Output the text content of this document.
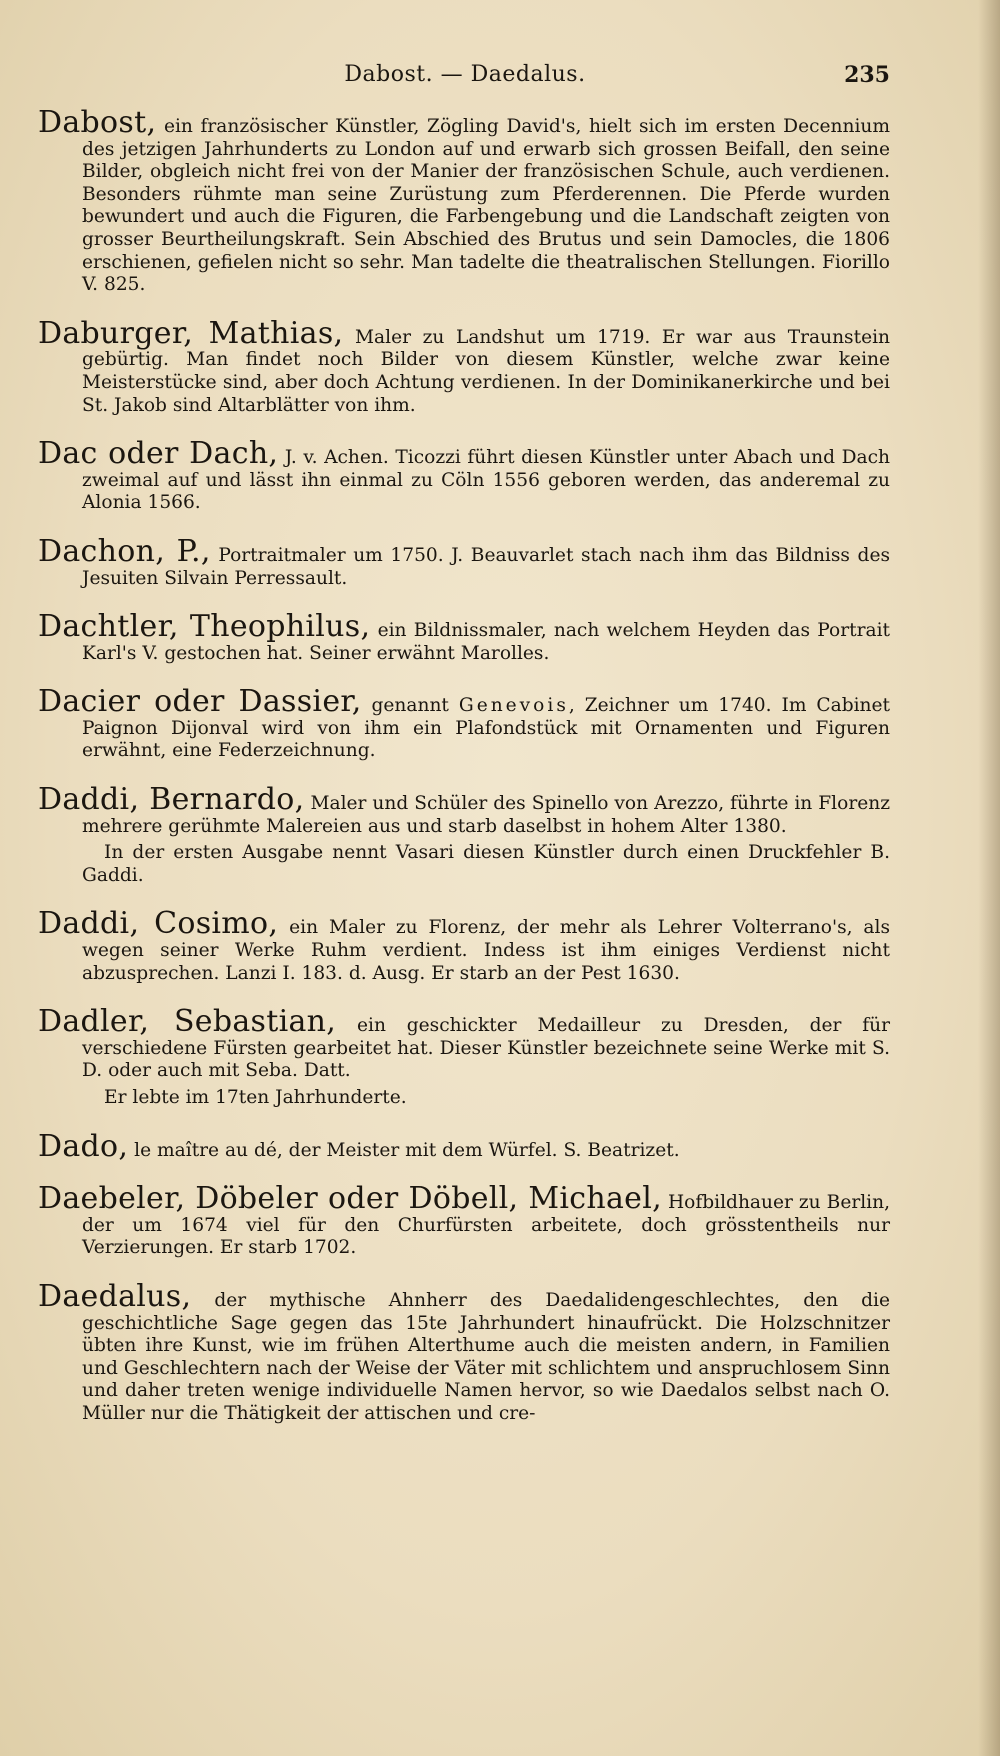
Dabost. — Daedalus.	235

Dabost, ein französischer Künstler, Zögling David's, hielt sich im ersten Decennium des jetzigen Jahrhunderts zu London auf und erwarb sich grossen Beifall, den seine Bilder, obgleich nicht frei von der Manier der französischen Schule, auch verdienen. Besonders rühmte man seine Zurüstung zum Pferderennen. Die Pferde wurden bewundert und auch die Figuren, die Farbengebung und die Landschaft zeigten von grosser Beurtheilungskraft. Sein Abschied des Brutus und sein Damocles, die 1806 erschienen, gefielen nicht so sehr. Man tadelte die theatralischen Stellungen. Fiorillo V. 825.

Daburger, Mathias, Maler zu Landshut um 1719. Er war aus Traunstein gebürtig. Man findet noch Bilder von diesem Künstler, welche zwar keine Meisterstücke sind, aber doch Achtung verdienen. In der Dominikanerkirche und bei St. Jakob sind Altarblätter von ihm.

Dac oder Dach, J. v. Achen. Ticozzi führt diesen Künstler unter Abach und Dach zweimal auf und lässt ihn einmal zu Cöln 1556 geboren werden, das anderemal zu Alonia 1566.

Dachon, P., Portraitmaler um 1750. J. Beauvarlet stach nach ihm das Bildniss des Jesuiten Silvain Perressault.

Dachtler, Theophilus, ein Bildnissmaler, nach welchem Heyden das Portrait Karl's V. gestochen hat. Seiner erwähnt Marolles.

Dacier oder Dassier, genannt Genevois, Zeichner um 1740. Im Cabinet Paignon Dijonval wird von ihm ein Plafondstück mit Ornamenten und Figuren erwähnt, eine Federzeichnung.

Daddi, Bernardo, Maler und Schüler des Spinello von Arezzo, führte in Florenz mehrere gerühmte Malereien aus und starb daselbst in hohem Alter 1380.

In der ersten Ausgabe nennt Vasari diesen Künstler durch einen Druckfehler B. Gaddi.

Daddi, Cosimo, ein Maler zu Florenz, der mehr als Lehrer Volterrano's, als wegen seiner Werke Ruhm verdient. Indess ist ihm einiges Verdienst nicht abzusprechen. Lanzi I. 183. d. Ausg. Er starb an der Pest 1630.

Dadler, Sebastian, ein geschickter Medailleur zu Dresden, der für verschiedene Fürsten gearbeitet hat. Dieser Künstler bezeichnete seine Werke mit S. D. oder auch mit Seba. Datt.

Er lebte im 17ten Jahrhunderte.

Dado, le maître au dé, der Meister mit dem Würfel. S. Beatrizet.

Daebeler, Döbeler oder Döbell, Michael, Hofbildhauer zu Berlin, der um 1674 viel für den Churfürsten arbeitete, doch grösstentheils nur Verzierungen. Er starb 1702.

Daedalus, der mythische Ahnherr des Daedalidengeschlechtes, den die geschichtliche Sage gegen das 15te Jahrhundert hinaufrückt. Die Holzschnitzer übten ihre Kunst, wie im frühen Alterthume auch die meisten andern, in Familien und Geschlechtern nach der Weise der Väter mit schlichtem und anspruchlosem Sinn und daher treten wenige individuelle Namen hervor, so wie Daedalos selbst nach O. Müller nur die Thätigkeit der attischen und cre-
